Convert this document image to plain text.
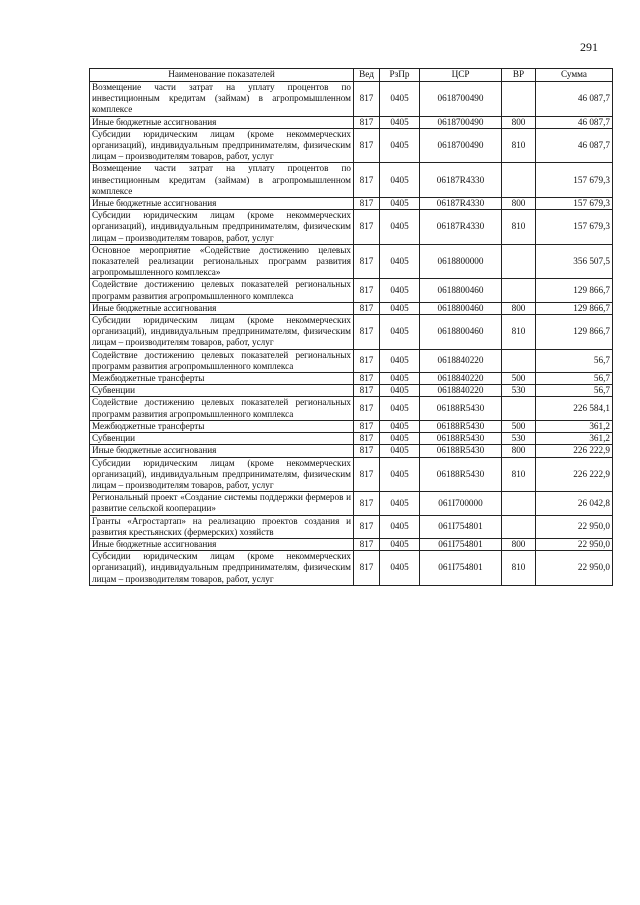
291
Наименование показателей	Вед	РзПр	ЦСР	ВР	Сумма
Возмещение части затрат на уплату процентов по инвестиционным кредитам (займам) в агропромышленном комплексе	817	0405	0618700490		46 087,7
Иные бюджетные ассигнования	817	0405	0618700490	800	46 087,7
Субсидии юридическим лицам (кроме некоммерческих организаций), индивидуальным предпринимателям, физическим лицам – производителям товаров, работ, услуг	817	0405	0618700490	810	46 087,7
Возмещение части затрат на уплату процентов по инвестиционным кредитам (займам) в агропромышленном комплексе	817	0405	06187R4330		157 679,3
Иные бюджетные ассигнования	817	0405	06187R4330	800	157 679,3
Субсидии юридическим лицам (кроме некоммерческих организаций), индивидуальным предпринимателям, физическим лицам – производителям товаров, работ, услуг	817	0405	06187R4330	810	157 679,3
Основное мероприятие «Содействие достижению целевых показателей реализации региональных программ развития агропромышленного комплекса»	817	0405	0618800000		356 507,5
Содействие достижению целевых показателей региональных программ развития агропромышленного комплекса	817	0405	0618800460		129 866,7
Иные бюджетные ассигнования	817	0405	0618800460	800	129 866,7
Субсидии юридическим лицам (кроме некоммерческих организаций), индивидуальным предпринимателям, физическим лицам – производителям товаров, работ, услуг	817	0405	0618800460	810	129 866,7
Содействие достижению целевых показателей региональных программ развития агропромышленного комплекса	817	0405	0618840220		56,7
Межбюджетные трансферты	817	0405	0618840220	500	56,7
Субвенции	817	0405	0618840220	530	56,7
Содействие достижению целевых показателей региональных программ развития агропромышленного комплекса	817	0405	06188R5430		226 584,1
Межбюджетные трансферты	817	0405	06188R5430	500	361,2
Субвенции	817	0405	06188R5430	530	361,2
Иные бюджетные ассигнования	817	0405	06188R5430	800	226 222,9
Субсидии юридическим лицам (кроме некоммерческих организаций), индивидуальным предпринимателям, физическим лицам – производителям товаров, работ, услуг	817	0405	06188R5430	810	226 222,9
Региональный проект «Создание системы поддержки фермеров и развитие сельской кооперации»	817	0405	061I700000		26 042,8
Гранты «Агростартап» на реализацию проектов создания и развития крестьянских (фермерских) хозяйств	817	0405	061I754801		22 950,0
Иные бюджетные ассигнования	817	0405	061I754801	800	22 950,0
Субсидии юридическим лицам (кроме некоммерческих организаций), индивидуальным предпринимателям, физическим лицам – производителям товаров, работ, услуг	817	0405	061I754801	810	22 950,0
